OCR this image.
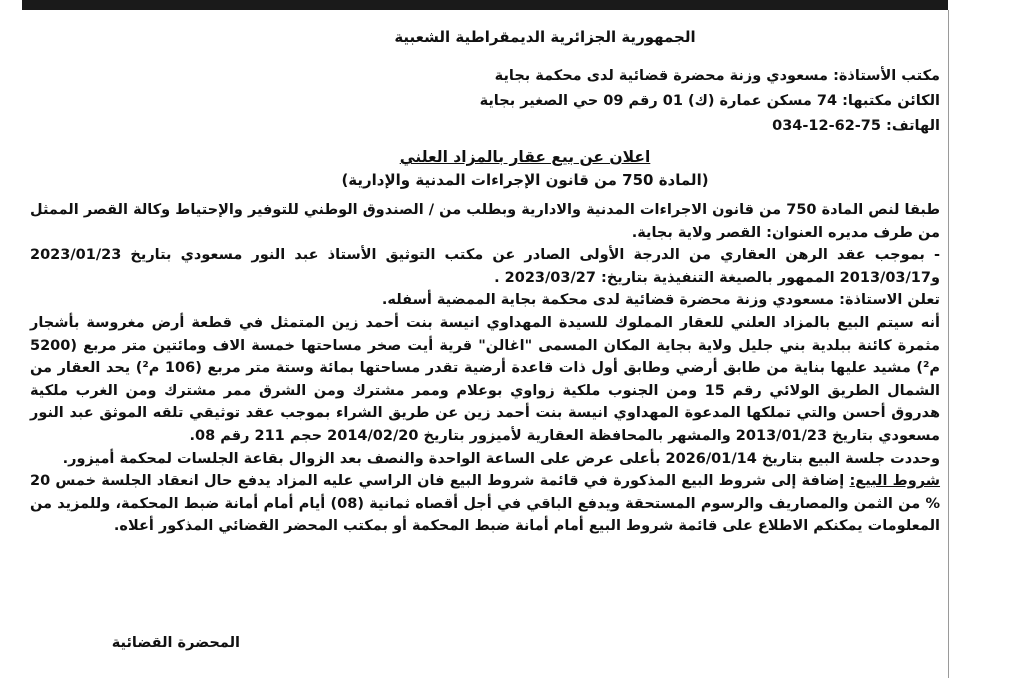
الجمهورية الجزائرية الديمقراطية الشعبية
مكتب الأستاذة: مسعودي وزنة محضرة قضائية لدى محكمة بجاية
الكائن مكتبها: 74 مسكن عمارة (ك) 01 رقم 09 حي الصغير بجاية
الهاتف: 034-12-62-75
اعلان عن بيع عقار بالمزاد العلني
(المادة 750 من قانون الإجراءات المدنية والإدارية)

طبقا لنص المادة 750 من قانون الاجراءات المدنية والادارية وبطلب من / الصندوق الوطني للتوفير والإحتياط وكالة القصر الممثل من طرف مديره العنوان: القصر ولاية بجاية.

- بموجب عقد الرهن العقاري من الدرجة الأولى الصادر عن مكتب التوثيق الأستاذ عبد النور مسعودي بتاريخ 2023/01/23 و2013/03/17 الممهور بالصيغة التنفيذية بتاريخ: 2023/03/27 .

تعلن الاستاذة: مسعودي وزنة محضرة قضائية لدى محكمة بجاية الممضية أسفله.

أنه سيتم البيع بالمزاد العلني للعقار المملوك للسيدة المهداوي انيسة بنت أحمد زين المتمثل في قطعة أرض مغروسة بأشجار مثمرة كائنة ببلدية بني جليل ولاية بجاية المكان المسمى "اغالن" قرية أيت صخر مساحتها خمسة الاف ومائتين متر مربع (5200 م²) مشيد عليها بناية من طابق أرضي وطابق أول ذات قاعدة أرضية تقدر مساحتها بمائة وستة متر مربع (106 م²) يحد العقار من الشمال الطريق الولائي رقم 15 ومن الجنوب ملكية زواوي بوعلام وممر مشترك ومن الشرق ممر مشترك ومن الغرب ملكية هدروق أحسن والتي تملكها المدعوة المهداوي انيسة بنت أحمد زين عن طريق الشراء بموجب عقد توثيقي تلقه الموثق عبد النور مسعودي بتاريخ 2013/01/23 والمشهر بالمحافظة العقارية لأميزور بتاريخ 2014/02/20 حجم 211 رقم 08.

وحددت جلسة البيع بتاريخ 2026/01/14 بأعلى عرض على الساعة الواحدة والنصف بعد الزوال بقاعة الجلسات لمحكمة أميزور.

شروط البيع: إضافة إلى شروط البيع المذكورة في قائمة شروط البيع فان الراسي عليه المزاد يدفع حال انعقاد الجلسة خمس 20 % من الثمن والمصاريف والرسوم المستحقة ويدفع الباقي في أجل أقصاه ثمانية (08) أيام أمام أمانة ضبط المحكمة، وللمزيد من المعلومات يمكنكم الاطلاع على قائمة شروط البيع أمام أمانة ضبط المحكمة أو بمكتب المحضر القضائي المذكور أعلاه.

المحضرة القضائية
